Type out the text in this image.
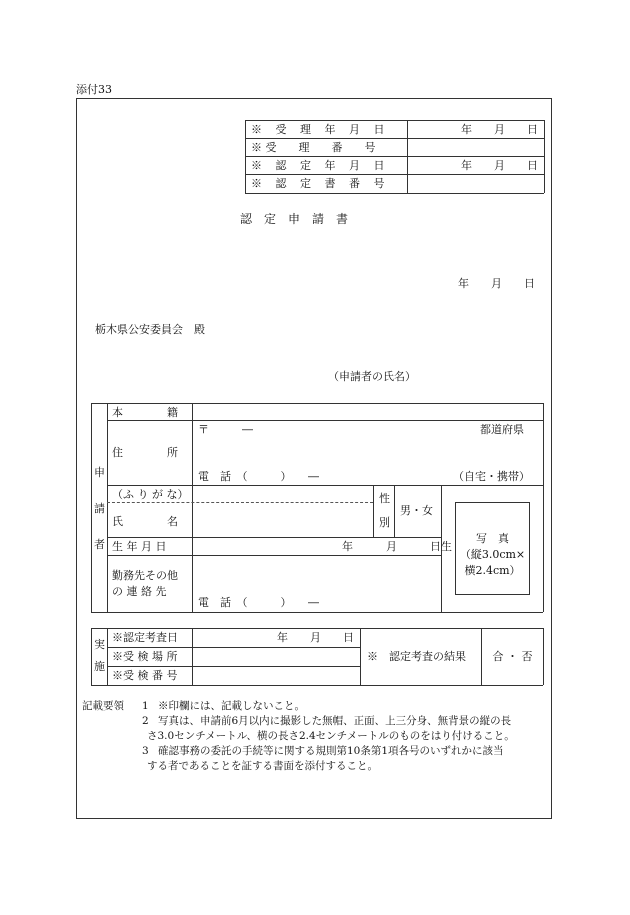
添付33
※ 受 理 年 月 日	年　　月　　日
※ 受　　理　　番　　号
※ 認 定 年 月 日	年　　月　　日
※ 認 定 書 番 号
認　定　申　請　書
年　　月　　日
栃木県公安委員会　殿
（申請者の氏名）
申
請
者
本　　　　籍
住　　　　所
〒　　　―	都道府県
電　話　（　　　）　　―	（自宅・携帯）
（ふ り が な）
氏　　　　名
性
別
男・女
生 年 月 日	年　　　月　　　日生
勤務先その他
の 連 絡 先
電　話　（　　　）　　―
写　真
（縦3.0cm×
横2.4cm）
実
施
※認定考査日	年　　月　　日
※受 検 場 所
※受 検 番 号
※　認定考査の結果	合 ・ 否
記載要領 1 ※印欄には、記載しないこと。
2 写真は、申請前6月以内に撮影した無帽、正面、上三分身、無背景の縦の長
さ3.0センチメートル、横の長さ2.4センチメートルのものをはり付けること。
3 確認事務の委託の手続等に関する規則第10条第1項各号のいずれかに該当
する者であることを証する書面を添付すること。
